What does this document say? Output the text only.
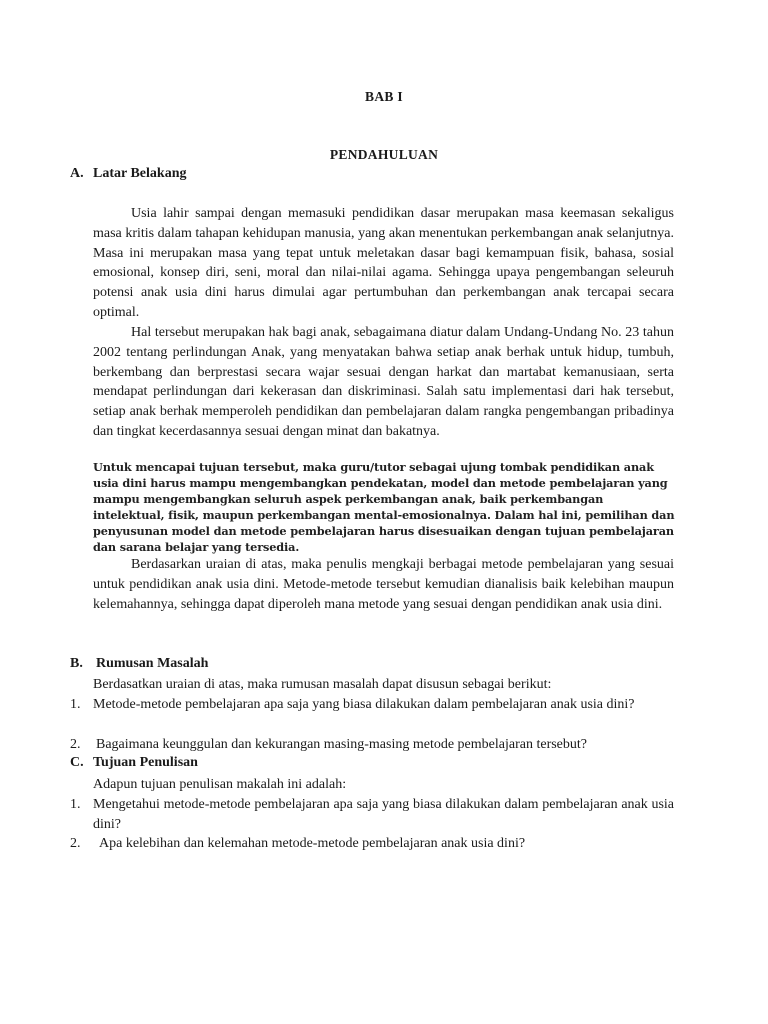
BAB I
PENDAHULUAN
A. Latar Belakang
Usia lahir sampai dengan memasuki pendidikan dasar merupakan masa keemasan sekaligus masa kritis dalam tahapan kehidupan manusia, yang akan menentukan perkembangan anak selanjutnya. Masa ini merupakan masa yang tepat untuk meletakan dasar bagi kemampuan fisik, bahasa, sosial emosional, konsep diri, seni, moral dan nilai-nilai agama. Sehingga upaya pengembangan seleuruh potensi anak usia dini harus dimulai agar pertumbuhan dan perkembangan anak tercapai secara optimal.
Hal tersebut merupakan hak bagi anak, sebagaimana diatur dalam Undang-Undang No. 23 tahun 2002 tentang perlindungan Anak, yang menyatakan bahwa setiap anak berhak untuk hidup, tumbuh, berkembang dan berprestasi secara wajar sesuai dengan harkat dan martabat kemanusiaan, serta mendapat perlindungan dari kekerasan dan diskriminasi. Salah satu implementasi dari hak tersebut, setiap anak berhak memperoleh pendidikan dan pembelajaran dalam rangka pengembangan pribadinya dan tingkat kecerdasannya sesuai dengan minat dan bakatnya.
Untuk mencapai tujuan tersebut, maka guru/tutor sebagai ujung tombak pendidikan anak usia dini harus mampu mengembangkan pendekatan, model dan metode pembelajaran yang mampu mengembangkan seluruh aspek perkembangan anak, baik perkembangan intelektual, fisik, maupun perkembangan mental-emosionalnya. Dalam hal ini, pemilihan dan penyusunan model dan metode pembelajaran harus disesuaikan dengan tujuan pembelajaran dan sarana belajar yang tersedia.
Berdasarkan uraian di atas, maka penulis mengkaji berbagai metode pembelajaran yang sesuai untuk pendidikan anak usia dini. Metode-metode tersebut kemudian dianalisis baik kelebihan maupun kelemahannya, sehingga dapat diperoleh mana metode yang sesuai dengan pendidikan anak usia dini.
B. Rumusan Masalah
Berdasatkan uraian di atas, maka rumusan masalah dapat disusun sebagai berikut:
1. Metode-metode pembelajaran apa saja yang biasa dilakukan dalam pembelajaran anak usia dini?
2. Bagaimana keunggulan dan kekurangan masing-masing metode pembelajaran tersebut?
C. Tujuan Penulisan
Adapun tujuan penulisan makalah ini adalah:
1. Mengetahui metode-metode pembelajaran apa saja yang biasa dilakukan dalam pembelajaran anak usia dini?
2. Apa kelebihan dan kelemahan metode-metode pembelajaran anak usia dini?
